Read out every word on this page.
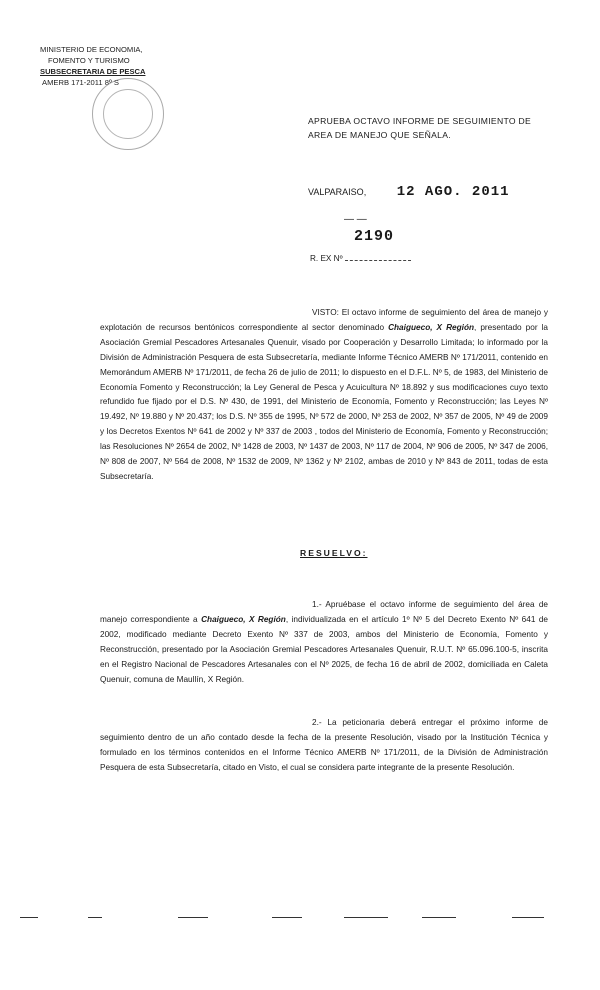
MINISTERIO DE ECONOMIA,
FOMENTO Y TURISMO
SUBSECRETARIA DE PESCA
AMERB 171-2011 8º S
APRUEBA OCTAVO INFORME DE SEGUIMIENTO DE AREA DE MANEJO QUE SEÑALA.
VALPARAISO, 12 AGO. 2011
— —
2190
R. EX Nº
VISTO: El octavo informe de seguimiento del área de manejo y explotación de recursos bentónicos correspondiente al sector denominado Chaigueco, X Región, presentado por la Asociación Gremial Pescadores Artesanales Quenuir, visado por Cooperación y Desarrollo Limitada; lo informado por la División de Administración Pesquera de esta Subsecretaría, mediante Informe Técnico AMERB Nº 171/2011, contenido en Memorándum AMERB Nº 171/2011, de fecha 26 de julio de 2011; lo dispuesto en el D.F.L. Nº 5, de 1983, del Ministerio de Economía Fomento y Reconstrucción; la Ley General de Pesca y Acuicultura Nº 18.892 y sus modificaciones cuyo texto refundido fue fijado por el D.S. Nº 430, de 1991, del Ministerio de Economía, Fomento y Reconstrucción; las Leyes Nº 19.492, Nº 19.880 y Nº 20.437; los D.S. Nº 355 de 1995, Nº 572 de 2000, Nº 253 de 2002, Nº 357 de 2005, Nº 49 de 2009 y los Decretos Exentos Nº 641 de 2002 y Nº 337 de 2003 , todos del Ministerio de Economía, Fomento y Reconstrucción; las Resoluciones Nº 2654 de 2002, Nº 1428 de 2003, Nº 1437 de 2003, Nº 117 de 2004, Nº 906 de 2005, Nº 347 de 2006, Nº 808 de 2007, Nº 564 de 2008, Nº 1532 de 2009, Nº 1362 y Nº 2102, ambas de 2010 y Nº 843 de 2011, todas de esta Subsecretaría.
RESUELVO:
1.- Apruébase el octavo informe de seguimiento del área de manejo correspondiente a Chaigueco, X Región, individualizada en el artículo 1º Nº 5 del Decreto Exento Nº 641 de 2002, modificado mediante Decreto Exento Nº 337 de 2003, ambos del Ministerio de Economía, Fomento y Reconstrucción, presentado por la Asociación Gremial Pescadores Artesanales Quenuir, R.U.T. Nº 65.096.100-5, inscrita en el Registro Nacional de Pescadores Artesanales con el Nº 2025, de fecha 16 de abril de 2002, domiciliada en Caleta Quenuir, comuna de Maullín, X Región.
2.- La peticionaria deberá entregar el próximo informe de seguimiento dentro de un año contado desde la fecha de la presente Resolución, visado por la Institución Técnica y formulado en los términos contenidos en el Informe Técnico AMERB Nº 171/2011, de la División de Administración Pesquera de esta Subsecretaría, citado en Visto, el cual se considera parte integrante de la presente Resolución.
